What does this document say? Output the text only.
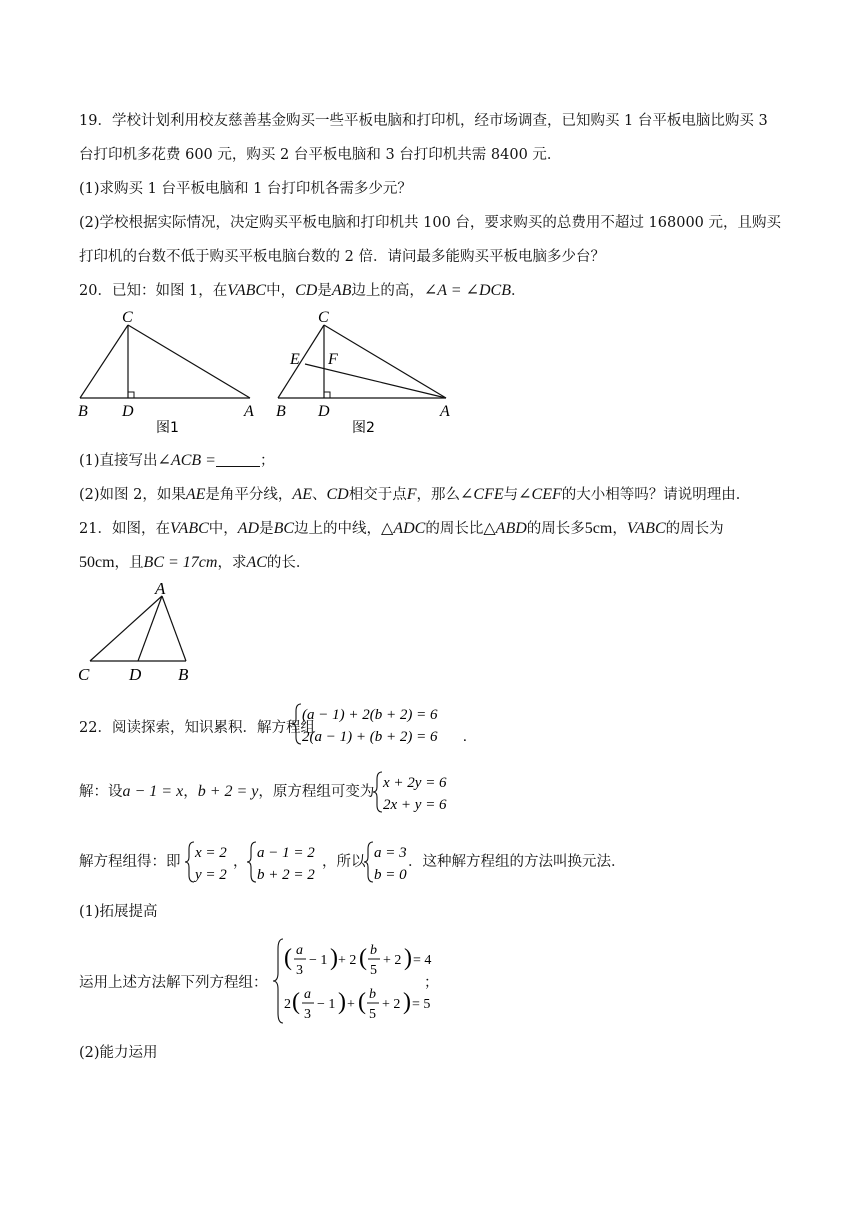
19．学校计划利用校友慈善基金购买一些平板电脑和打印机，经市场调查，已知购买 1 台平板电脑比购买 3
台打印机多花费 600 元，购买 2 台平板电脑和 3 台打印机共需 8400 元．
(1)求购买 1 台平板电脑和 1 台打印机各需多少元？
(2)学校根据实际情况，决定购买平板电脑和打印机共 100 台，要求购买的总费用不超过 168000 元，且购买
打印机的台数不低于购买平板电脑台数的 2 倍．请问最多能购买平板电脑多少台？
20．已知：如图 1，在VABC中，CD是AB边上的高，∠A = ∠DCB．
C
B D	A
图1
C
E F
B D	A
图2
(1)直接写出∠ACB =	；
(2)如图 2，如果AE是角平分线，AE、CD相交于点F，那么∠CFE与∠CEF的大小相等吗？请说明理由．
21．如图，在VABC中，AD是BC边上的中线，△ADC的周长比△ABD的周长多5cm，VABC的周长为
50cm，且BC = 17cm，求AC的长．
A
C D B
22．阅读探索，知识累积．解方程组
(a − 1) + 2(b + 2) = 6
2(a − 1) + (b + 2) = 6 .
解：设a − 1 = x，b + 2 = y，原方程组可变为
x + 2y = 6
2x + y = 6
解方程组得：即
x = 2
y = 2
，
a − 1 = 2
b + 2 = 2
，所以
a = 3
b = 0
．这种解方程组的方法叫换元法．
(1)拓展提高
运用上述方法解下列方程组：
( a
3
− 1 ) + 2 ( b
5
+ 2 ) = 4
2 ( a
3
− 1 ) + ( b
5
+ 2 ) = 5
；
(2)能力运用
